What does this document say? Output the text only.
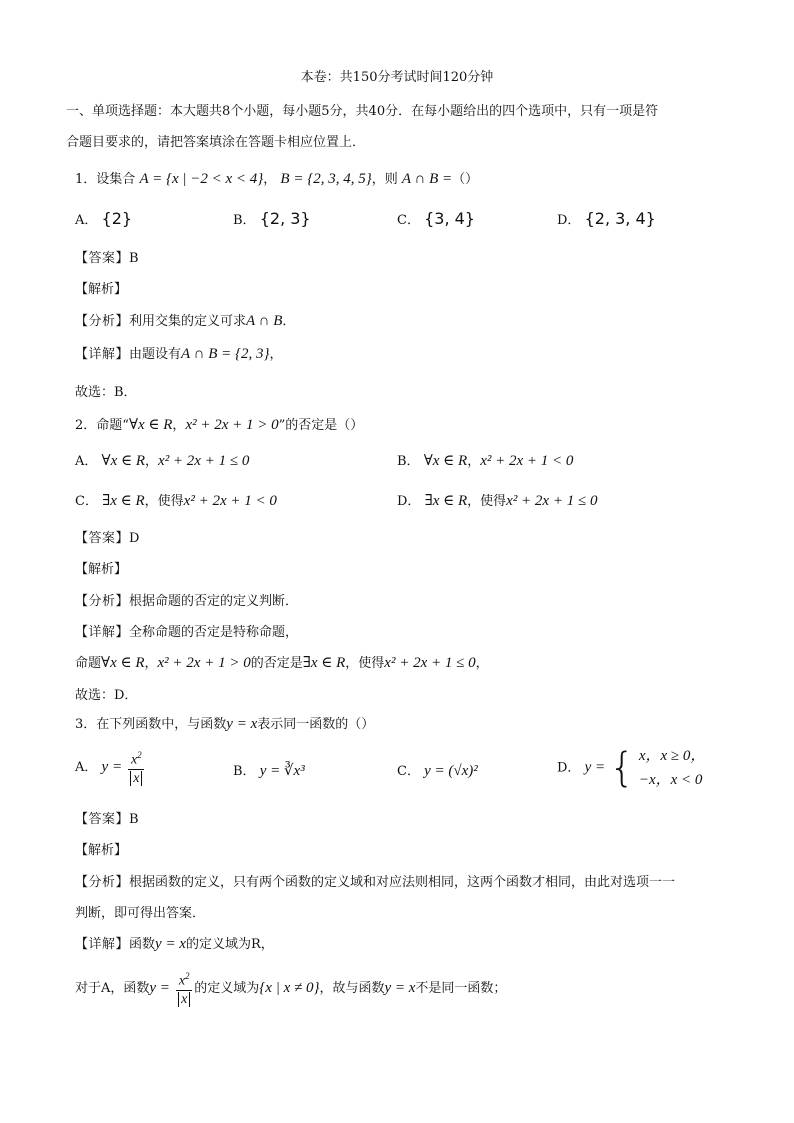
本卷：共150分考试时间120分钟
一、单项选择题：本大题共8个小题，每小题5分，共40分．在每小题给出的四个选项中，只有一项是符
合题目要求的，请把答案填涂在答题卡相应位置上．
1．设集合 A = {x | −2 < x < 4}， B = {2, 3, 4, 5}，则 A ∩ B =（）
A． {2}	B． {2, 3}	C． {3, 4}	D． {2, 3, 4}
【答案】B
【解析】
【分析】利用交集的定义可求A ∩ B．
【详解】由题设有A ∩ B = {2, 3}，
故选：B．
2．命题“∀x ∈ R，x² + 2x + 1 > 0”的否定是（）
A． ∀x ∈ R，x² + 2x + 1 ≤ 0	B． ∀x ∈ R，x² + 2x + 1 < 0
C． ∃x ∈ R，使得x² + 2x + 1 < 0	D． ∃x ∈ R，使得x² + 2x + 1 ≤ 0
【答案】D
【解析】
【分析】根据命题的否定的定义判断．
【详解】全称命题的否定是特称命题，
命题∀x ∈ R，x² + 2x + 1 > 0的否定是∃x ∈ R，使得x² + 2x + 1 ≤ 0，
故选：D．
3．在下列函数中，与函数y = x表示同一函数的（）
A． $y = \frac{x^2}{x}$	B． y = ∛x³	C． y = (√x)²	D． y = { x，x ≥ 0，
−x，x < 0
【答案】B
【解析】
【分析】根据函数的定义，只有两个函数的定义域和对应法则相同，这两个函数才相同，由此对选项一一
判断，即可得出答案．
【详解】函数y = x的定义域为R，
对于A，函数$y = \frac{x^2}{x}$ 的定义域为{x | x ≠ 0}，故与函数y = x不是同一函数；
